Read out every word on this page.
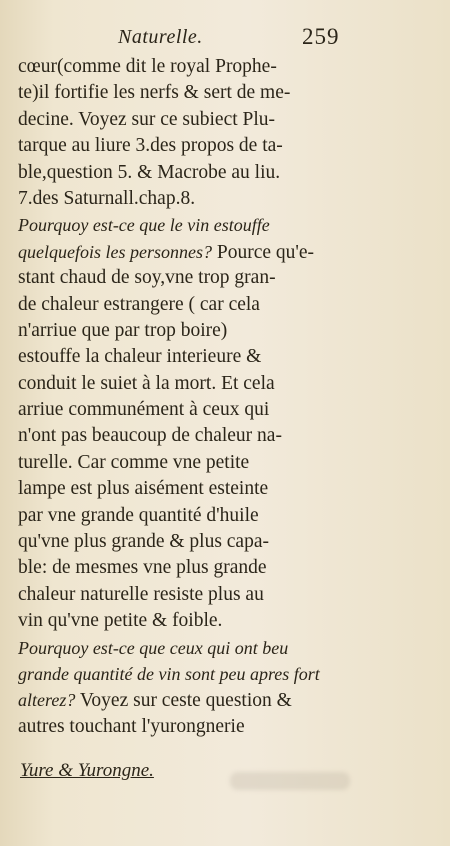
Naturelle.	259
cœur(comme dit le royal Prophe-
te)il fortifie les nerfs & sert de me-
decine. Voyez sur ce subiect Plu-
tarque au liure 3.des propos de ta-
ble,question 5. & Macrobe au liu.
7.des Saturnall.chap.8.
Pourquoy est-ce que le vin estouffe
quelquefois les personnes? Pource qu'e-
stant chaud de soy,vne trop gran-
de chaleur estrangere ( car cela
n'arriue que par trop boire)
estouffe la chaleur interieure &
conduit le suiet à la mort. Et cela
arriue communément à ceux qui
n'ont pas beaucoup de chaleur na-
turelle. Car comme vne petite
lampe est plus aisément esteinte
par vne grande quantité d'huile
qu'vne plus grande & plus capa-
ble: de mesmes vne plus grande
chaleur naturelle resiste plus au
vin qu'vne petite & foible.
Pourquoy est-ce que ceux qui ont beu
grande quantité de vin sont peu apres fort
alterez? Voyez sur ceste question &
autres touchant l'yurongnerie
Yure & Yurongne.
